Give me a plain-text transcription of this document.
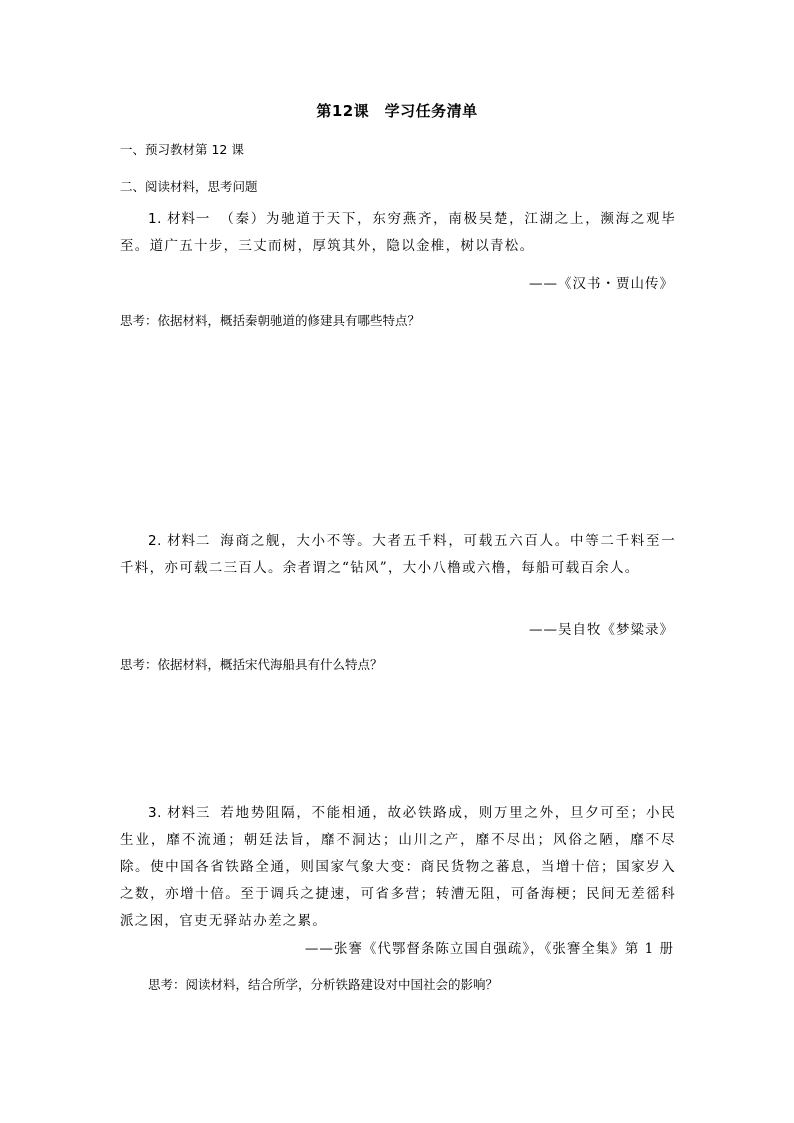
第12课　学习任务清单
一、预习教材第 12 课
二、阅读材料，思考问题
1. 材料一 （秦）为驰道于天下，东穷燕齐，南极吴楚，江湖之上，濒海之观毕至。道广五十步，三丈而树，厚筑其外，隐以金椎，树以青松。
——《汉书・贾山传》
思考：依据材料，概括秦朝驰道的修建具有哪些特点？
2. 材料二 海商之舰，大小不等。大者五千料，可载五六百人。中等二千料至一千料，亦可载二三百人。余者谓之“钻风”，大小八橹或六橹，每船可载百余人。
——吴自牧《梦粱录》
思考：依据材料，概括宋代海船具有什么特点？
3. 材料三 若地势阻隔，不能相通，故必铁路成，则万里之外，旦夕可至；小民生业，靡不流通；朝廷法旨，靡不洞达；山川之产，靡不尽出；风俗之陋，靡不尽除。使中国各省铁路全通，则国家气象大变：商民货物之蕃息，当增十倍；国家岁入之数，亦增十倍。至于调兵之捷速，可省多营；转漕无阻，可备海梗；民间无差徭科派之困，官吏无驿站办差之累。
——张謇《代鄂督条陈立国自强疏》，《张謇全集》第 1 册
思考：阅读材料，结合所学，分析铁路建设对中国社会的影响？
